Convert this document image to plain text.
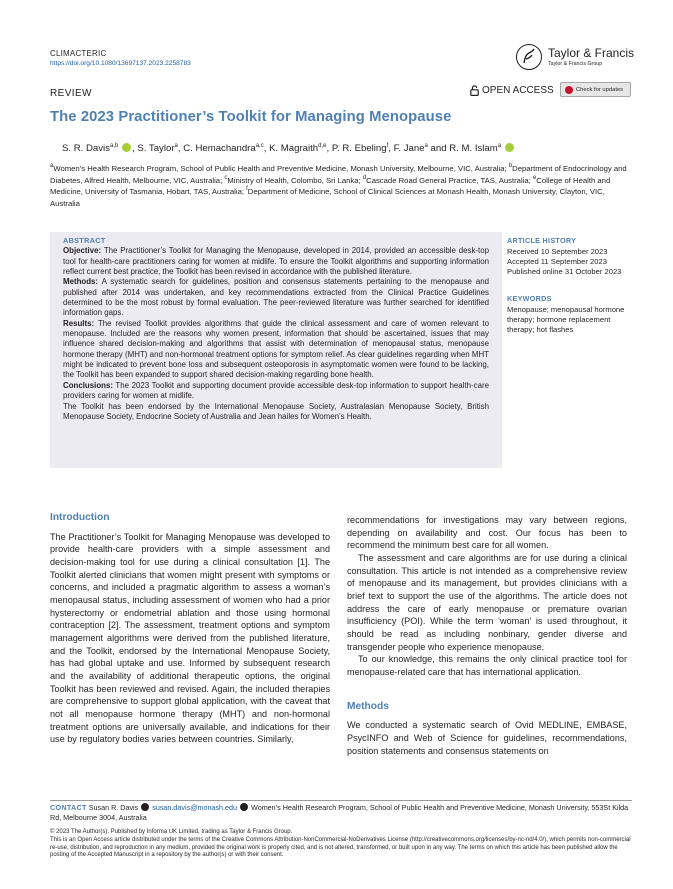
CLIMACTERIC
https://doi.org/10.1080/13697137.2023.2258783
Taylor & Francis
Taylor & Francis Group
REVIEW	OPEN ACCESS	Check for updates
The 2023 Practitioner’s Toolkit for Managing Menopause
S. R. Davis$^{a,b}$ , S. Taylor$^a$, C. Hemachandra$^{a,c}$, K. Magraith$^{d,e}$, P. R. Ebeling$^f$, F. Jane$^a$ and R. M. Islam$^a$
$^a$Women’s Health Research Program, School of Public Health and Preventive Medicine, Monash University, Melbourne, VIC, Australia; $^b$Department of Endocrinology and Diabetes, Alfred Health, Melbourne, VIC, Australia; $^c$Ministry of Health, Colombo, Sri Lanka; $^d$Cascade Road General Practice, TAS, Australia; $^e$College of Health and Medicine, University of Tasmania, Hobart, TAS, Australia; $^f$Department of Medicine, School of Clinical Sciences at Monash Health, Monash University, Clayton, VIC, Australia
ABSTRACT
Objective: The Practitioner’s Toolkit for Managing the Menopause, developed in 2014, provided an accessible desk-top tool for health-care practitioners caring for women at midlife. To ensure the Toolkit algorithms and supporting information reflect current best practice, the Toolkit has been revised in accordance with the published literature.
Methods: A systematic search for guidelines, position and consensus statements pertaining to the menopause and published after 2014 was undertaken, and key recommendations extracted from the Clinical Practice Guidelines determined to be the most robust by formal evaluation. The peer-reviewed literature was further searched for identified information gaps.
Results: The revised Toolkit provides algorithms that guide the clinical assessment and care of women relevant to menopause. Included are the reasons why women present, information that should be ascertained, issues that may influence shared decision-making and algorithms that assist with determination of menopausal status, menopause hormone therapy (MHT) and non-hormonal treatment options for symptom relief. As clear guidelines regarding when MHT might be indicated to prevent bone loss and subsequent osteoporosis in asymptomatic women were found to be lacking, the Toolkit has been expanded to support shared decision-making regarding bone health.
Conclusions: The 2023 Toolkit and supporting document provide accessible desk-top information to support health-care providers caring for women at midlife.
The Toolkit has been endorsed by the International Menopause Society, Australasian Menopause Society, British Menopause Society, Endocrine Society of Australia and Jean hailes for Women’s Health.
ARTICLE HISTORY
Received 10 September 2023
Accepted 11 September 2023
Published online 31 October 2023
KEYWORDS
Menopause; menopausal hormone therapy; hormone replacement therapy; hot flashes
Introduction

The Practitioner’s Toolkit for Managing Menopause was developed to provide health-care providers with a simple assessment and decision-making tool for use during a clinical consultation [1]. The Toolkit alerted clinicians that women might present with symptoms or concerns, and included a pragmatic algorithm to assess a woman’s menopausal status, including assessment of women who had a prior hysterectomy or endometrial ablation and those using hormonal contraception [2]. The assessment, treatment options and symptom management algorithms were derived from the published literature, and the Toolkit, endorsed by the International Menopause Society, has had global uptake and use. Informed by subsequent research and the availability of additional therapeutic options, the original Toolkit has been reviewed and revised. Again, the included therapies are comprehensive to support global application, with the caveat that not all menopause hormone therapy (MHT) and non-hormonal treatment options are universally available, and indications for their use by regulatory bodies varies between countries. Similarly,

recommendations for investigations may vary between regions, depending on availability and cost. Our focus has been to recommend the minimum best care for all women.

The assessment and care algorithms are for use during a clinical consultation. This article is not intended as a comprehensive review of menopause and its management, but provides clinicians with a brief text to support the use of the algorithms. The article does not address the care of early menopause or premature ovarian insufficiency (POI). While the term ‘woman’ is used throughout, it should be read as including nonbinary, gender diverse and transgender people who experience menopause.

To our knowledge, this remains the only clinical practice tool for menopause-related care that has international application.

Methods

We conducted a systematic search of Ovid MEDLINE, EMBASE, PsycINFO and Web of Science for guidelines, recommendations, position statements and consensus statements on

CONTACT Susan R. Davis  susan.davis@monash.edu  Women’s Health Research Program, School of Public Health and Preventive Medicine, Monash University, 553St Kilda Rd, Melbourne 3004, Australia
© 2023 The Author(s). Published by Informa UK Limited, trading as Taylor & Francis Group.
This is an Open Access article distributed under the terms of the Creative Commons Attribution-NonCommercial-NoDerivatives License (http://creativecommons.org/licenses/by-nc-nd/4.0/), which permits non-commercial re-use, distribution, and reproduction in any medium, provided the original work is properly cited, and is not altered, transformed, or built upon in any way. The terms on which this article has been published allow the posting of the Accepted Manuscript in a repository by the author(s) or with their consent.
